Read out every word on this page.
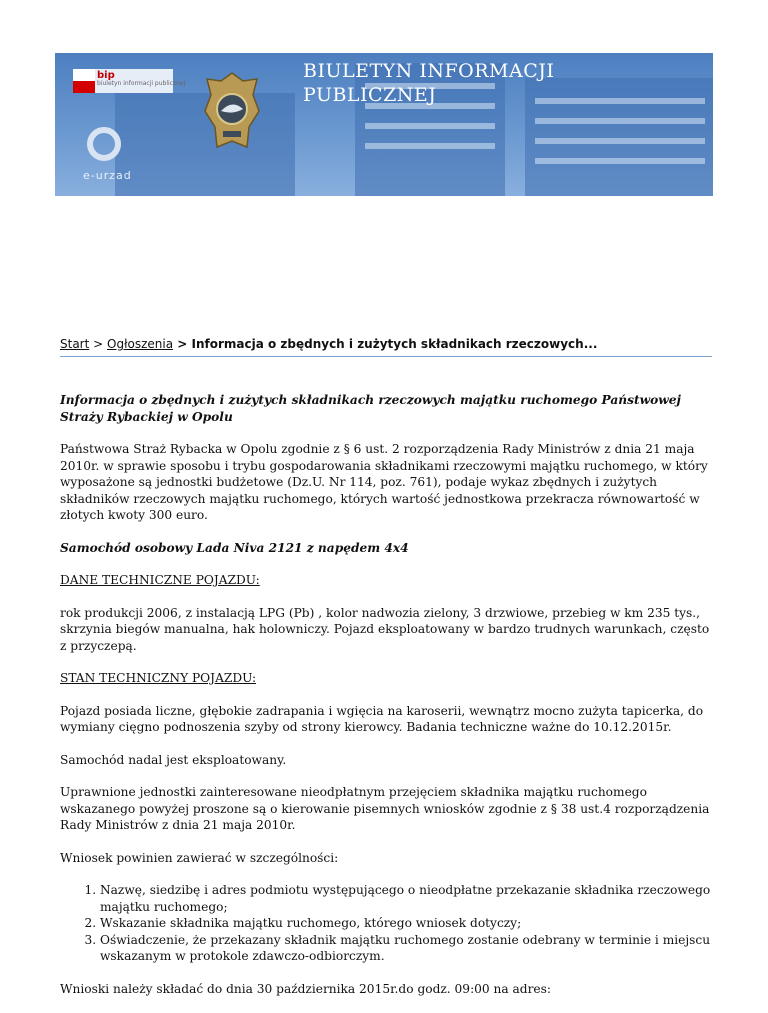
bip
biuletyn informacji publicznej
e-urzad
BIULETYN INFORMACJI
PUBLICZNEJ
Start > Ogłoszenia > Informacja o zbędnych i zużytych składnikach rzeczowych...

Informacja o zbędnych i zużytych składnikach rzeczowych majątku ruchomego Państwowej Straży Rybackiej w Opolu

Państwowa Straż Rybacka w Opolu zgodnie z § 6 ust. 2 rozporządzenia Rady Ministrów z dnia 21 maja 2010r. w sprawie sposobu i trybu gospodarowania składnikami rzeczowymi majątku ruchomego, w który wyposażone są jednostki budżetowe (Dz.U. Nr 114, poz. 761), podaje wykaz zbędnych i zużytych składników rzeczowych majątku ruchomego, których wartość jednostkowa przekracza równowartość w złotych kwoty 300 euro.

Samochód osobowy Lada Niva 2121 z napędem 4x4

DANE TECHNICZNE POJAZDU:

rok produkcji 2006, z instalacją LPG (Pb) , kolor nadwozia zielony, 3 drzwiowe, przebieg w km 235 tys., skrzynia biegów manualna, hak holowniczy. Pojazd eksploatowany w bardzo trudnych warunkach, często z przyczepą.

STAN TECHNICZNY POJAZDU:

Pojazd posiada liczne, głębokie zadrapania i wgięcia na karoserii, wewnątrz mocno zużyta tapicerka, do wymiany cięgno podnoszenia szyby od strony kierowcy. Badania techniczne ważne do 10.12.2015r.

Samochód nadal jest eksploatowany.

Uprawnione jednostki zainteresowane nieodpłatnym przejęciem składnika majątku ruchomego wskazanego powyżej proszone są o kierowanie pisemnych wniosków zgodnie z § 38 ust.4 rozporządzenia Rady Ministrów z dnia 21 maja 2010r.

Wniosek powinien zawierać w szczególności:

1. Nazwę, siedzibę i adres podmiotu występującego o nieodpłatne przekazanie składnika rzeczowego majątku ruchomego;
2. Wskazanie składnika majątku ruchomego, którego wniosek dotyczy;
3. Oświadczenie, że przekazany składnik majątku ruchomego zostanie odebrany w terminie i miejscu wskazanym w protokole zdawczo-odbiorczym.

Wnioski należy składać do dnia 30 października 2015r.do godz. 09:00 na adres:
